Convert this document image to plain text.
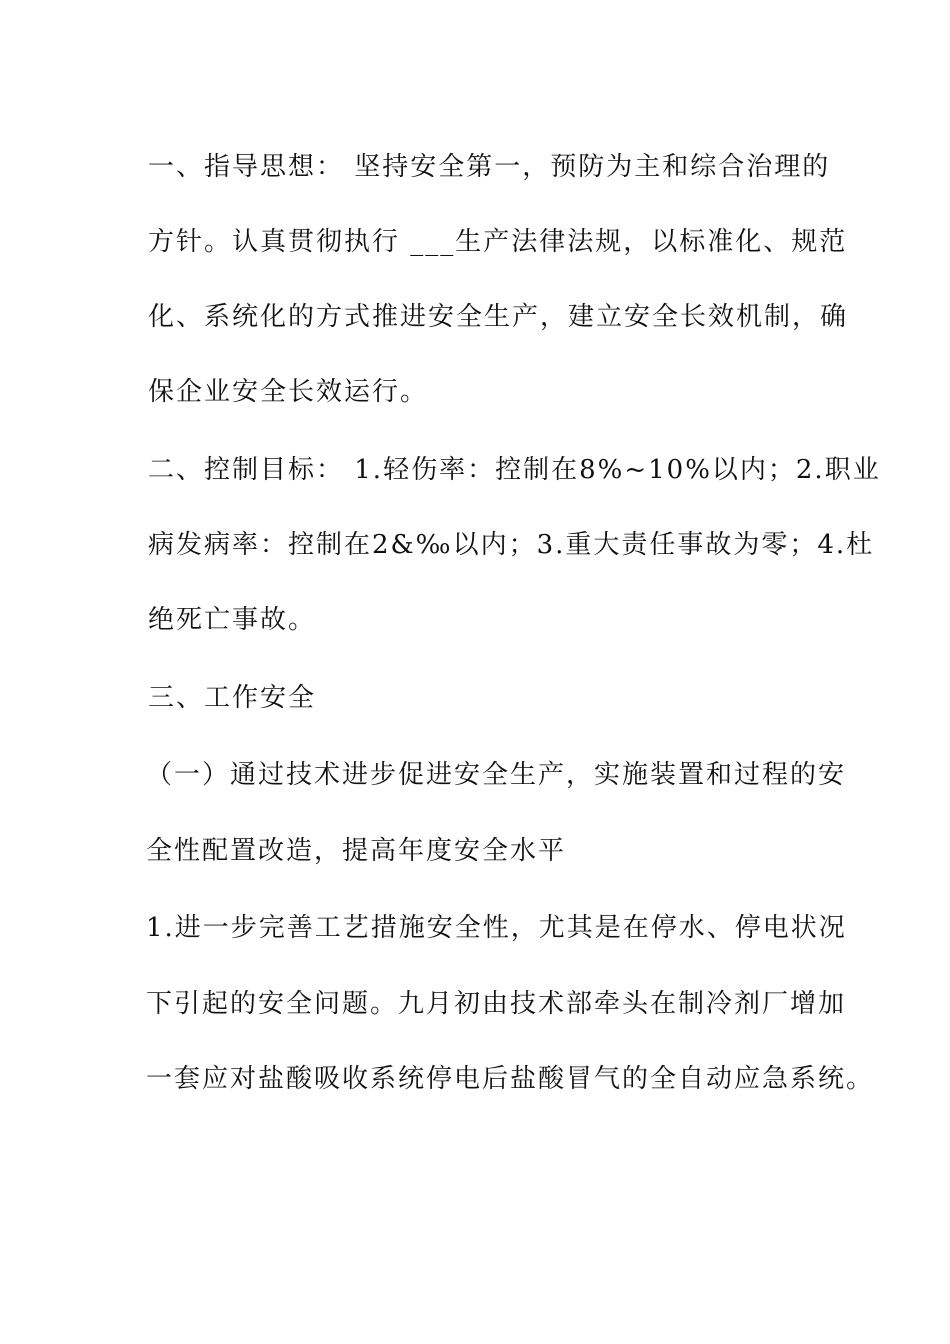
一、指导思想： 坚持安全第一，预防为主和综合治理的
方针。认真贯彻执行 ___生产法律法规，以标准化、规范
化、系统化的方式推进安全生产，建立安全长效机制，确
保企业安全长效运行。
二、控制目标： 1.轻伤率：控制在8%~10%以内；2.职业
病发病率：控制在2&‰以内；3.重大责任事故为零；4.杜
绝死亡事故。
三、工作安全
（一）通过技术进步促进安全生产，实施装置和过程的安
全性配置改造，提高年度安全水平
1.进一步完善工艺措施安全性，尤其是在停水、停电状况
下引起的安全问题。九月初由技术部牵头在制冷剂厂增加
一套应对盐酸吸收系统停电后盐酸冒气的全自动应急系统。
